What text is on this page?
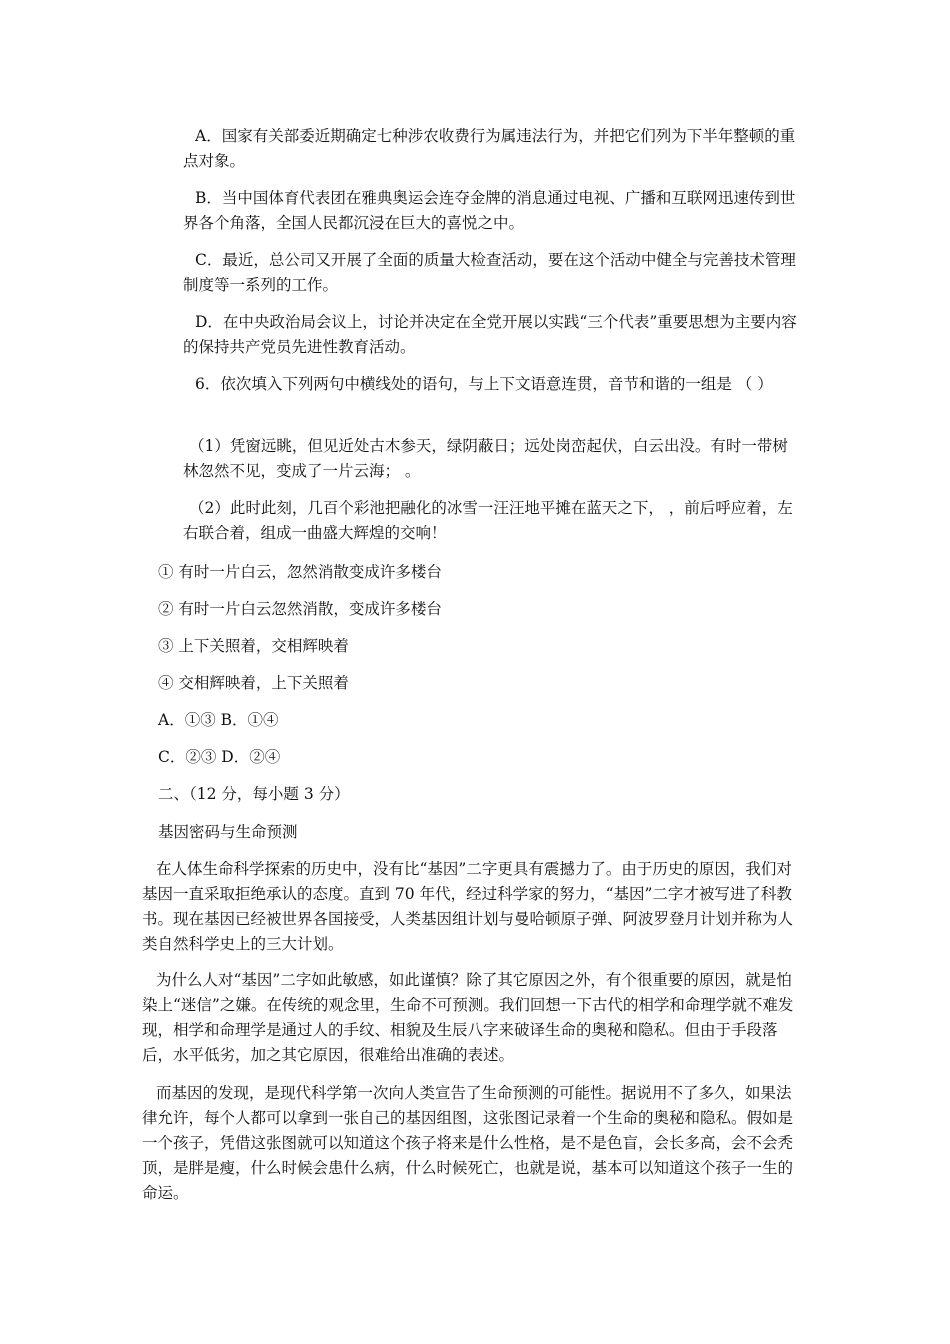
A．国家有关部委近期确定七种涉农收费行为属违法行为，并把它们列为下半年整顿的重点对象。

B．当中国体育代表团在雅典奥运会连夺金牌的消息通过电视、广播和互联网迅速传到世界各个角落，全国人民都沉浸在巨大的喜悦之中。

C．最近，总公司又开展了全面的质量大检查活动，要在这个活动中健全与完善技术管理制度等一系列的工作。

D．在中央政治局会议上，讨论并决定在全党开展以实践“三个代表”重要思想为主要内容的保持共产党员先进性教育活动。

6．依次填入下列两句中横线处的语句，与上下文语意连贯，音节和谐的一组是 （ ）

（1）凭窗远眺，但见近处古木参天，绿阴蔽日；远处岗峦起伏，白云出没。有时一带树林忽然不见，变成了一片云海； 。

（2）此时此刻，几百个彩池把融化的冰雪一汪汪地平摊在蓝天之下， ，前后呼应着，左右联合着，组成一曲盛大辉煌的交响！

① 有时一片白云，忽然消散变成许多楼台

② 有时一片白云忽然消散，变成许多楼台

③ 上下关照着，交相辉映着

④ 交相辉映着，上下关照着

A．①③ B．①④

C．②③ D．②④

二、（12 分，每小题 3 分）

基因密码与生命预测

在人体生命科学探索的历史中，没有比“基因”二字更具有震撼力了。由于历史的原因，我们对基因一直采取拒绝承认的态度。直到 70 年代，经过科学家的努力，“基因”二字才被写进了科教书。现在基因已经被世界各国接受，人类基因组计划与曼哈顿原子弹、阿波罗登月计划并称为人类自然科学史上的三大计划。

为什么人对“基因”二字如此敏感，如此谨慎？除了其它原因之外，有个很重要的原因，就是怕染上“迷信”之嫌。在传统的观念里，生命不可预测。我们回想一下古代的相学和命理学就不难发现，相学和命理学是通过人的手纹、相貌及生辰八字来破译生命的奥秘和隐私。但由于手段落后，水平低劣，加之其它原因，很难给出准确的表述。

而基因的发现，是现代科学第一次向人类宣告了生命预测的可能性。据说用不了多久，如果法律允许，每个人都可以拿到一张自己的基因组图，这张图记录着一个生命的奥秘和隐私。假如是一个孩子，凭借这张图就可以知道这个孩子将来是什么性格，是不是色盲，会长多高，会不会秃顶，是胖是瘦，什么时候会患什么病，什么时候死亡，也就是说，基本可以知道这个孩子一生的命运。
